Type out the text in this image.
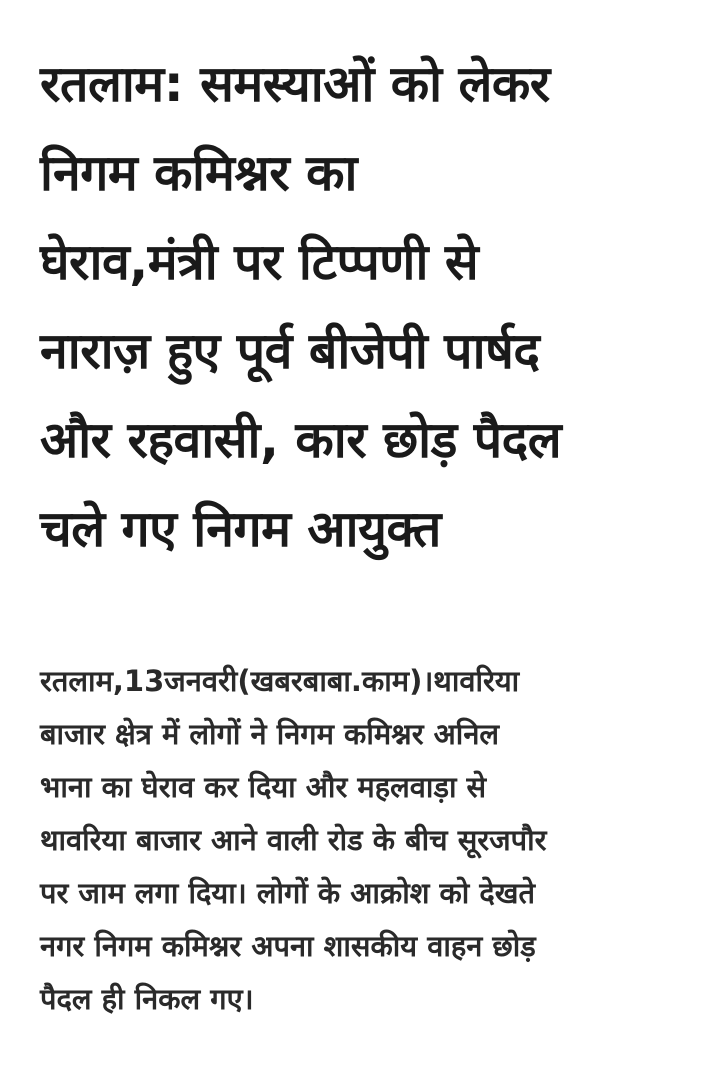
रतलाम: समस्याओं को लेकर
निगम कमिश्नर का
घेराव,मंत्री पर टिप्पणी से
नाराज़ हुए पूर्व बीजेपी पार्षद
और रहवासी, कार छोड़ पैदल
चले गए निगम आयुक्त

रतलाम,13जनवरी(खबरबाबा.काम)।थावरिया
बाजार क्षेत्र में लोगों ने निगम कमिश्नर अनिल
भाना का घेराव कर दिया और महलवाड़ा से
थावरिया बाजार आने वाली रोड के बीच सूरजपौर
पर जाम लगा दिया। लोगों के आक्रोश को देखते
नगर निगम कमिश्नर अपना शासकीय वाहन छोड़
पैदल ही निकल गए।
